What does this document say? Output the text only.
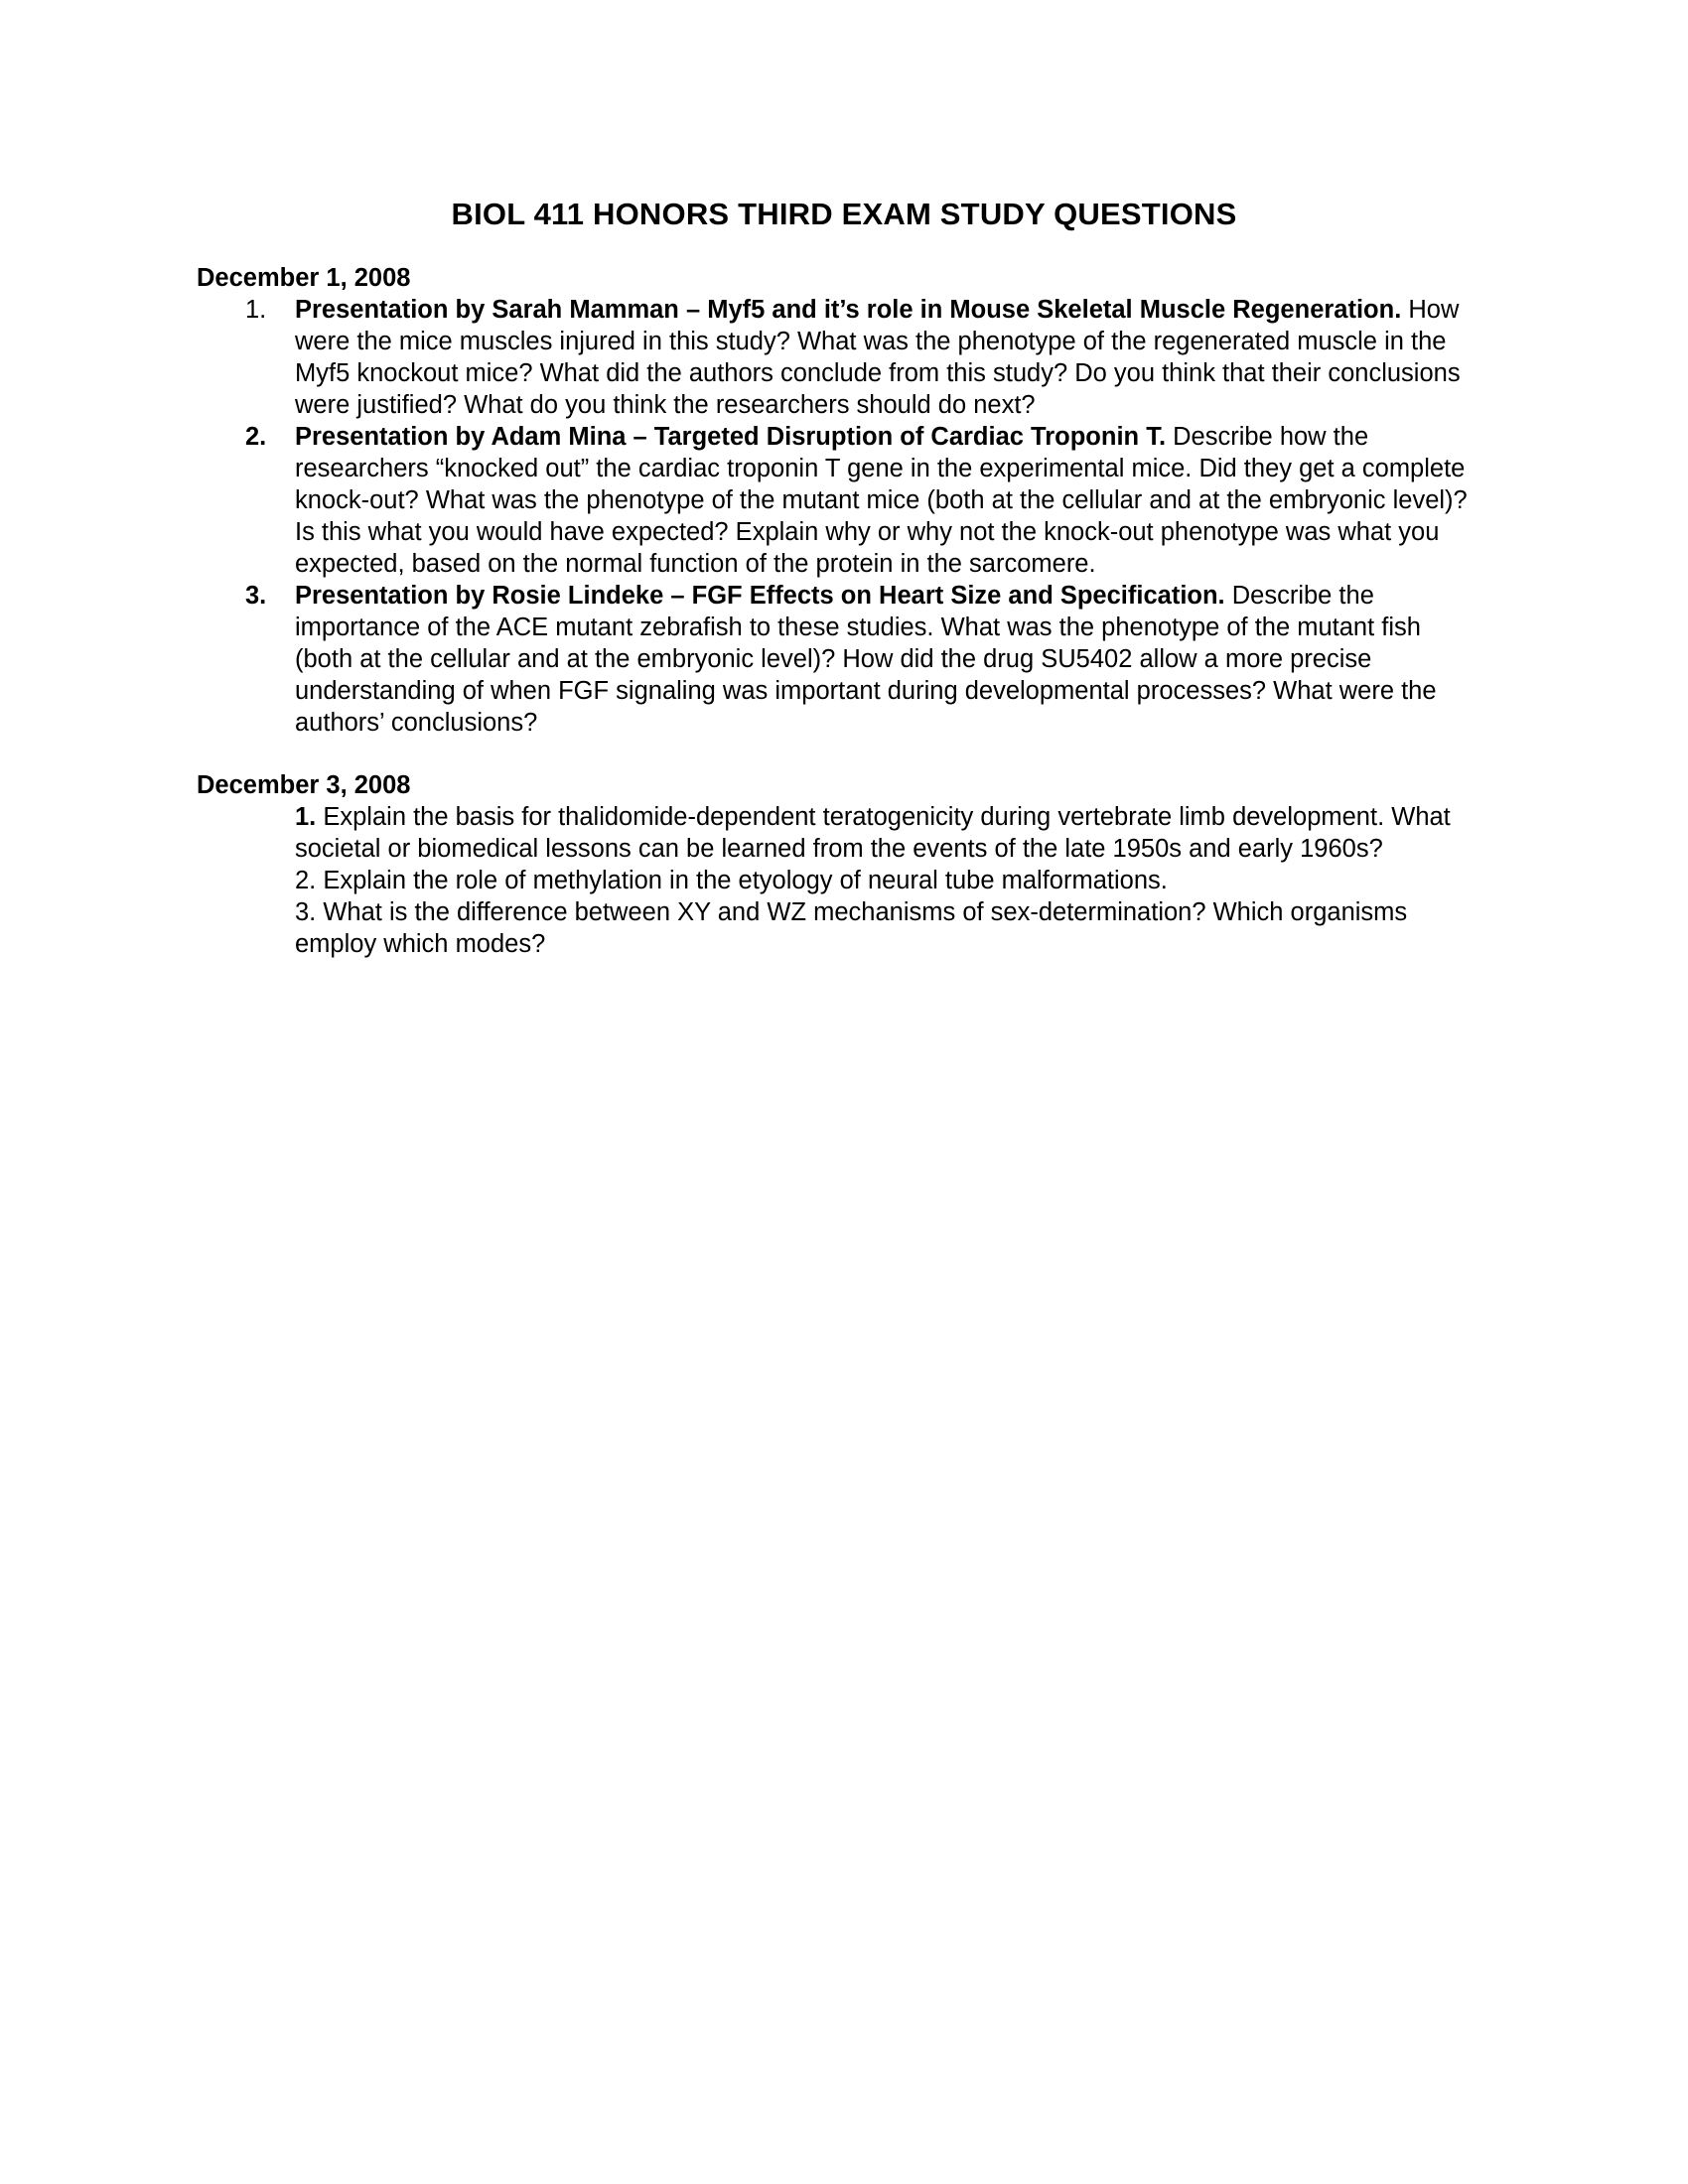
BIOL 411 HONORS THIRD EXAM STUDY QUESTIONS
December 1, 2008

1.	Presentation by Sarah Mamman – Myf5 and it’s role in Mouse Skeletal Muscle Regeneration. How were the mice muscles injured in this study? What was the phenotype of the regenerated muscle in the Myf5 knockout mice? What did the authors conclude from this study? Do you think that their conclusions were justified? What do you think the researchers should do next?

2.	Presentation by Adam Mina – Targeted Disruption of Cardiac Troponin T. Describe how the researchers “knocked out” the cardiac troponin T gene in the experimental mice. Did they get a complete knock-out? What was the phenotype of the mutant mice (both at the cellular and at the embryonic level)? Is this what you would have expected? Explain why or why not the knock-out phenotype was what you expected, based on the normal function of the protein in the sarcomere.

3.	Presentation by Rosie Lindeke – FGF Effects on Heart Size and Specification. Describe the importance of the ACE mutant zebrafish to these studies. What was the phenotype of the mutant fish (both at the cellular and at the embryonic level)? How did the drug SU5402 allow a more precise understanding of when FGF signaling was important during developmental processes? What were the authors’ conclusions?

December 3, 2008

1. Explain the basis for thalidomide-dependent teratogenicity during vertebrate limb development. What societal or biomedical lessons can be learned from the events of the late 1950s and early 1960s?

2. Explain the role of methylation in the etyology of neural tube malformations.

3. What is the difference between XY and WZ mechanisms of sex-determination? Which organisms employ which modes?
